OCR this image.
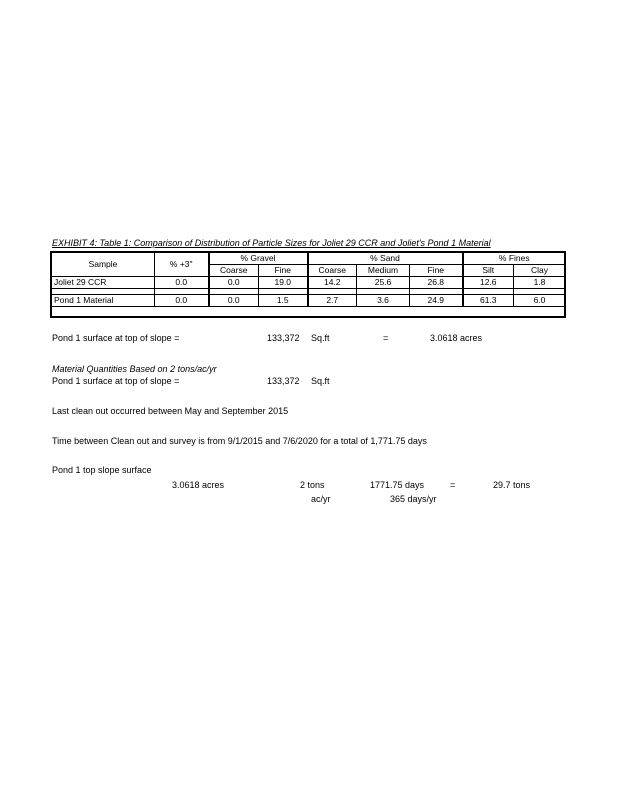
EXHIBIT 4: Table 1: Comparison of Distribution of Particle Sizes for Joliet 29 CCR and Joliet's Pond 1 Material
Sample	% +3"	% Gravel		% Sand			% Fines	
		Coarse	Fine	Coarse	Medium	Fine	Silt	Clay
Joliet 29 CCR	0.0	0.0	19.0	14.2	25.6	26.8	12.6	1.8

Pond 1 Material	0.0	0.0	1.5	2.7	3.6	24.9	61.3	6.0
Pond 1 surface at top of slope =	133,372 Sq.ft	=	3.0618 acres
Material Quantities Based on 2 tons/ac/yr
Pond 1 surface at top of slope =	133,372 Sq.ft
Last clean out occurred between May and September 2015
Time between Clean out and survey is from 9/1/2015 and 7/6/2020 for a total of 1,771.75 days
Pond 1 top slope surface
3.0618 acres	2 tons
ac/yr
1771.75 days
365 days/yr
=	29.7 tons
